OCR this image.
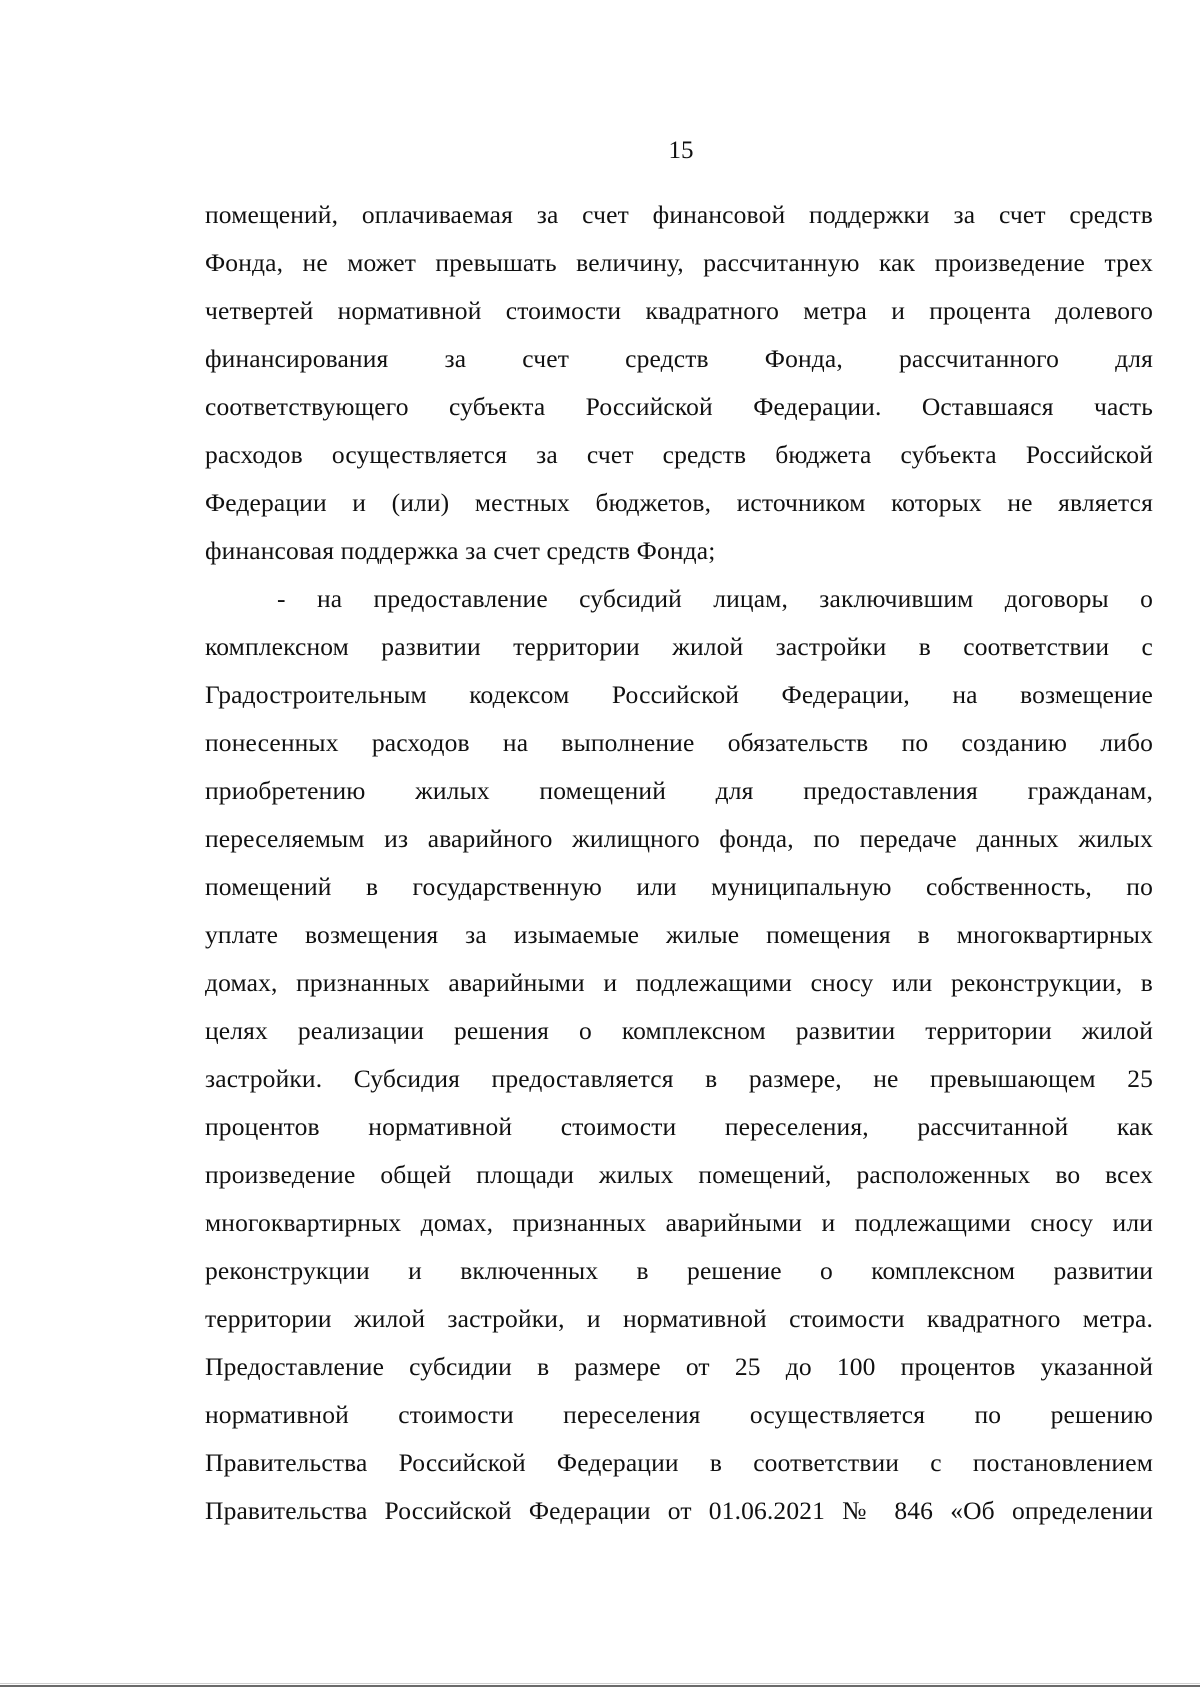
15
помещений, оплачиваемая за счет финансовой поддержки за счет средств
Фонда, не может превышать величину, рассчитанную как произведение трех
четвертей нормативной стоимости квадратного метра и процента долевого
финансирования за счет средств Фонда, рассчитанного для
соответствующего субъекта Российской Федерации. Оставшаяся часть
расходов осуществляется за счет средств бюджета субъекта Российской
Федерации и (или) местных бюджетов, источником которых не является
финансовая поддержка за счет средств Фонда;
- на предоставление субсидий лицам, заключившим договоры о
комплексном развитии территории жилой застройки в соответствии с
Градостроительным кодексом Российской Федерации, на возмещение
понесенных расходов на выполнение обязательств по созданию либо
приобретению жилых помещений для предоставления гражданам,
переселяемым из аварийного жилищного фонда, по передаче данных жилых
помещений в государственную или муниципальную собственность, по
уплате возмещения за изымаемые жилые помещения в многоквартирных
домах, признанных аварийными и подлежащими сносу или реконструкции, в
целях реализации решения о комплексном развитии территории жилой
застройки. Субсидия предоставляется в размере, не превышающем 25
процентов нормативной стоимости переселения, рассчитанной как
произведение общей площади жилых помещений, расположенных во всех
многоквартирных домах, признанных аварийными и подлежащими сносу или
реконструкции и включенных в решение о комплексном развитии
территории жилой застройки, и нормативной стоимости квадратного метра.
Предоставление субсидии в размере от 25 до 100 процентов указанной
нормативной стоимости переселения осуществляется по решению
Правительства Российской Федерации в соответствии с постановлением
Правительства Российской Федерации от 01.06.2021 № 846 «Об определении
